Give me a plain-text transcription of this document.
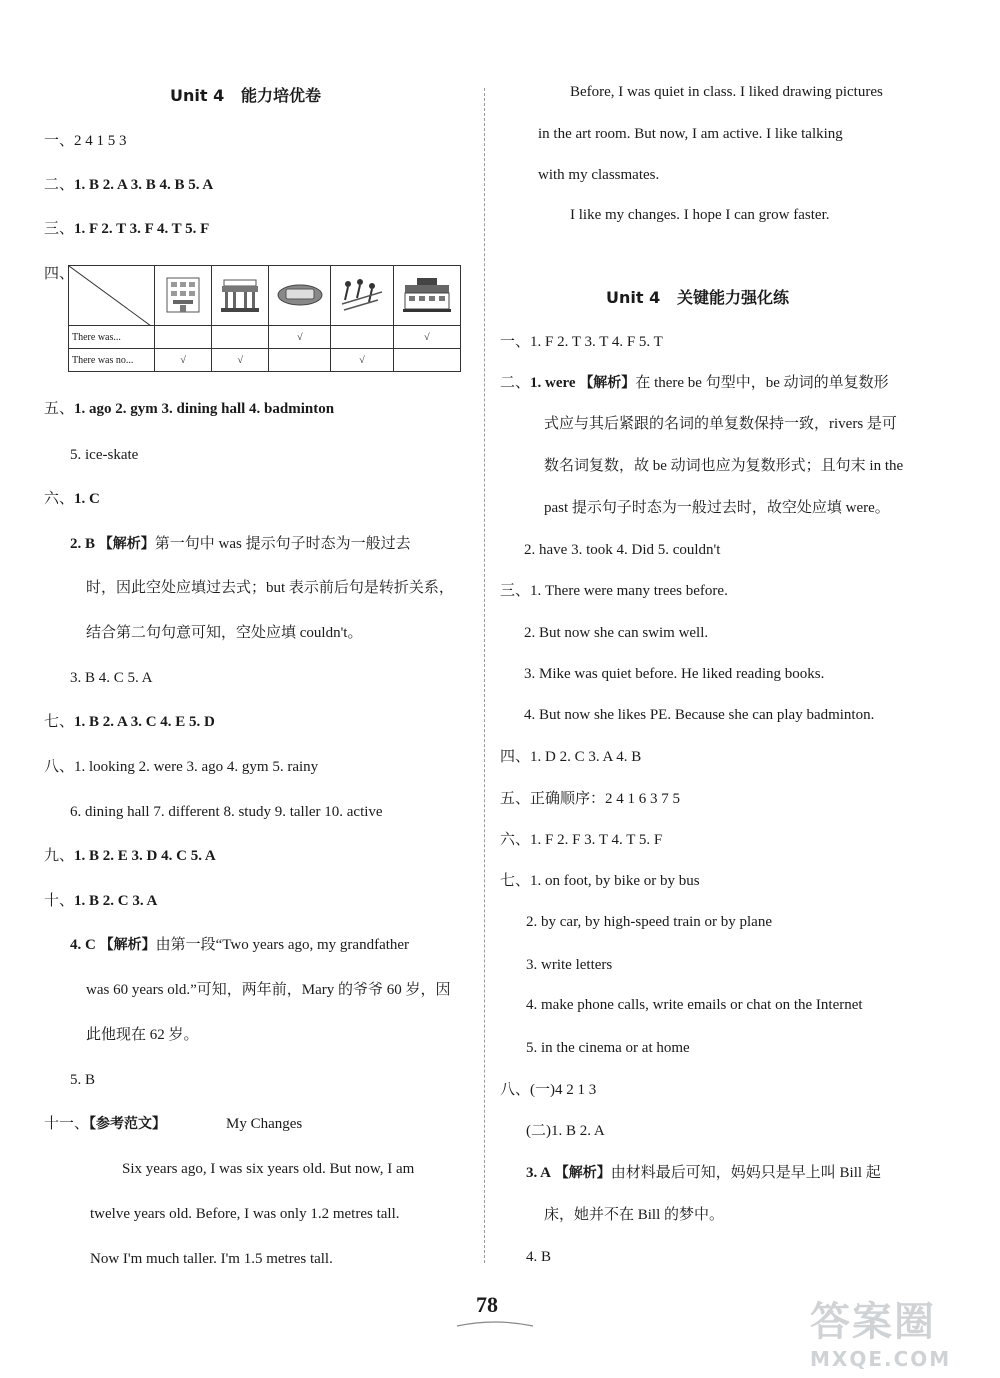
Unit 4 能力培优卷
一、2 4 1 5 3
二、1. B 2. A 3. B 4. B 5. A
三、1. F 2. T 3. F 4. T 5. F
四、

There was...			√		√
There was no...	√	√		√	
五、1. ago 2. gym 3. dining hall 4. badminton
5. ice-skate
六、1. C
2. B 【解析】第一句中 was 提示句子时态为一般过去
时，因此空处应填过去式；but 表示前后句是转折关系，
结合第二句句意可知，空处应填 couldn't。
3. B 4. C 5. A
七、1. B 2. A 3. C 4. E 5. D
八、1. looking 2. were 3. ago 4. gym 5. rainy
6. dining hall 7. different 8. study 9. taller 10. active
九、1. B 2. E 3. D 4. C 5. A
十、1. B 2. C 3. A
4. C 【解析】由第一段“Two years ago, my grandfather
was 60 years old.”可知，两年前，Mary 的爷爷 60 岁，因
此他现在 62 岁。
5. B
十一、【参考范文】	My Changes
Six years ago, I was six years old. But now, I am
twelve years old. Before, I was only 1.2 metres tall.
Now I'm much taller. I'm 1.5 metres tall.
Before, I was quiet in class. I liked drawing pictures
in the art room. But now, I am active. I like talking
with my classmates.
I like my changes. I hope I can grow faster.
Unit 4 关键能力强化练
一、1. F 2. T 3. T 4. F 5. T
二、1. were 【解析】在 there be 句型中，be 动词的单复数形
式应与其后紧跟的名词的单复数保持一致，rivers 是可
数名词复数，故 be 动词也应为复数形式；且句末 in the
past 提示句子时态为一般过去时，故空处应填 were。
2. have 3. took 4. Did 5. couldn't
三、1. There were many trees before.
2. But now she can swim well.
3. Mike was quiet before. He liked reading books.
4. But now she likes PE. Because she can play badminton.
四、1. D 2. C 3. A 4. B
五、正确顺序：2 4 1 6 3 7 5
六、1. F 2. F 3. T 4. T 5. F
七、1. on foot, by bike or by bus
2. by car, by high-speed train or by plane
3. write letters
4. make phone calls, write emails or chat on the Internet
5. in the cinema or at home
八、(一)4 2 1 3
(二)1. B 2. A
3. A 【解析】由材料最后可知，妈妈只是早上叫 Bill 起
床，她并不在 Bill 的梦中。
4. B
78	答案圈
MXQE.COM
